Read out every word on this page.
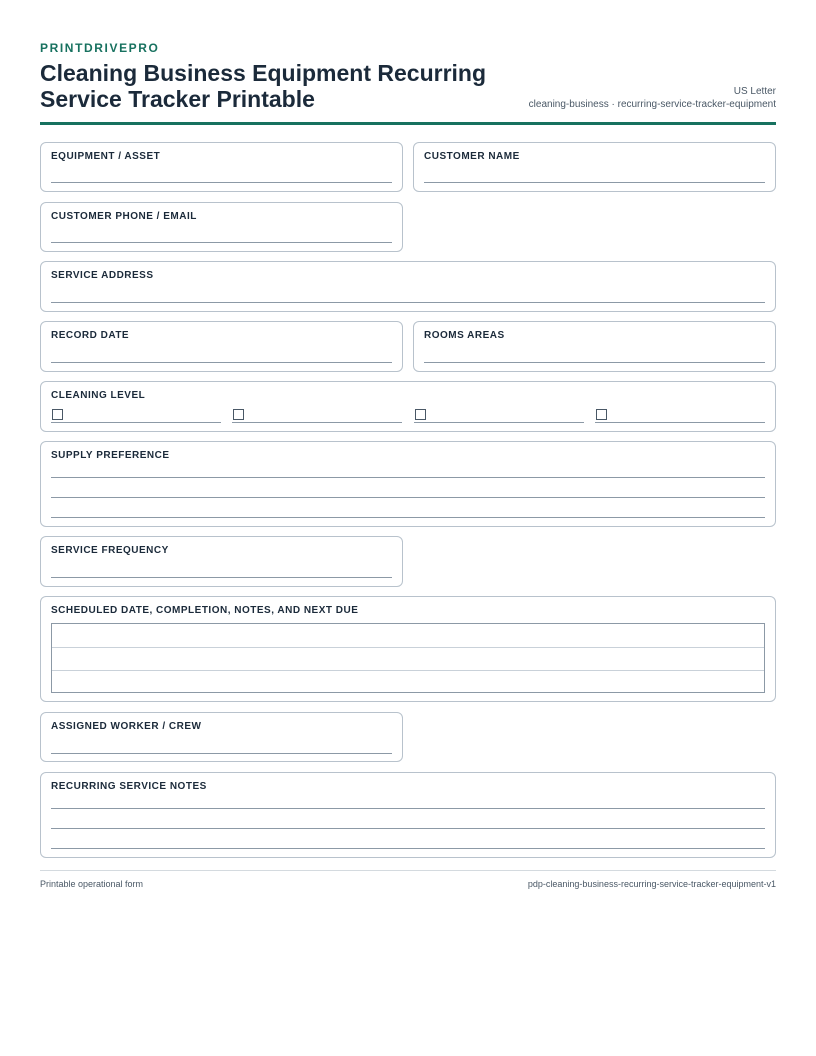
PRINTDRIVEPRO
Cleaning Business Equipment Recurring Service Tracker Printable	US Letter
cleaning-business · recurring-service-tracker-equipment
EQUIPMENT / ASSET	CUSTOMER NAME
CUSTOMER PHONE / EMAIL
SERVICE ADDRESS
RECORD DATE	ROOMS AREAS
CLEANING LEVEL
SUPPLY PREFERENCE
SERVICE FREQUENCY
SCHEDULED DATE, COMPLETION, NOTES, AND NEXT DUE
ASSIGNED WORKER / CREW
RECURRING SERVICE NOTES
Printable operational form	pdp-cleaning-business-recurring-service-tracker-equipment-v1
